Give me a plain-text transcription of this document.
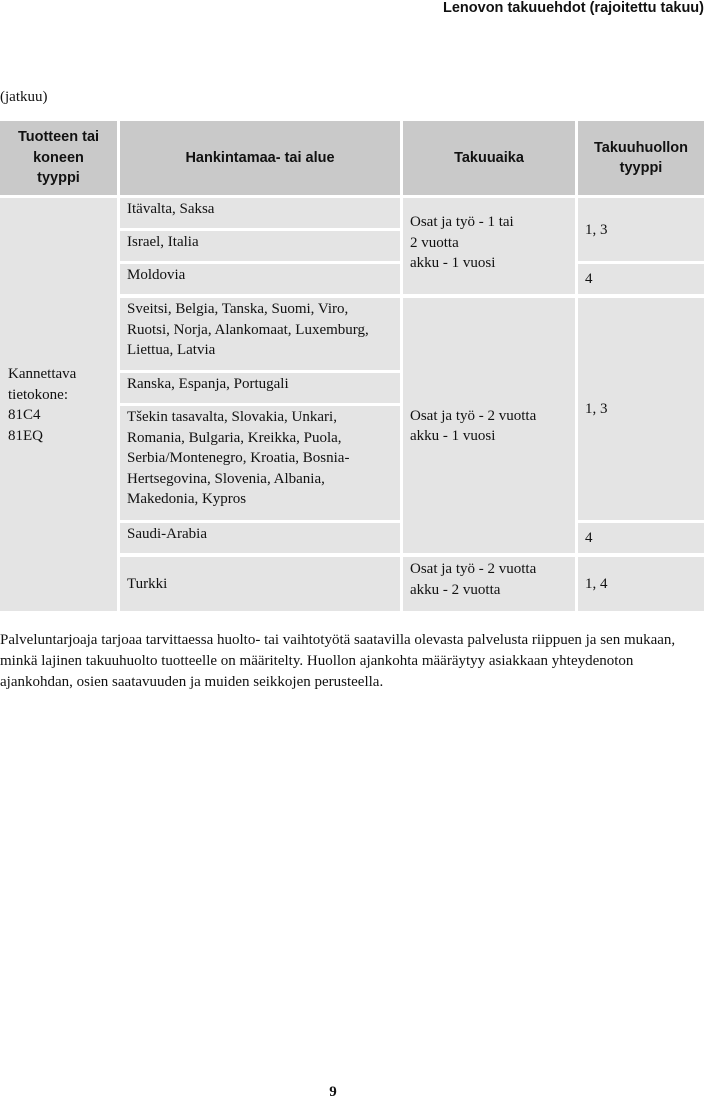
Lenovon takuuehdot (rajoitettu takuu)
(jatkuu)
Tuotteen tai
koneen
tyyppi
Hankintamaa- tai alue	Takuuaika
Takuuhuollon
tyyppi
Kannettava
tietokone:
81C4
81EQ
Itävalta, Saksa
Israel, Italia
Moldovia
Sveitsi, Belgia, Tanska, Suomi, Viro, Ruotsi, Norja, Alankomaat, Luxemburg, Liettua, Latvia
Ranska, Espanja, Portugali
Tšekin tasavalta, Slovakia, Unkari, Romania, Bulgaria, Kreikka, Puola, Serbia/Montenegro, Kroatia, Bosnia-Hertsegovina, Slovenia, Albania, Makedonia, Kypros
Saudi-Arabia
Turkki
Osat ja työ - 1 tai
2 vuotta
akku - 1 vuosi
Osat ja työ - 2 vuotta
akku - 1 vuosi
Osat ja työ - 2 vuotta
akku - 2 vuotta
1, 3
4
1, 3
4
1, 4
Palveluntarjoaja tarjoaa tarvittaessa huolto- tai vaihtotyötä saatavilla olevasta palvelusta riippuen ja sen mukaan, minkä lajinen takuuhuolto tuotteelle on määritelty. Huollon ajankohta määräytyy asiakkaan yhteydenoton ajankohdan, osien saatavuuden ja muiden seikkojen perusteella.
9
